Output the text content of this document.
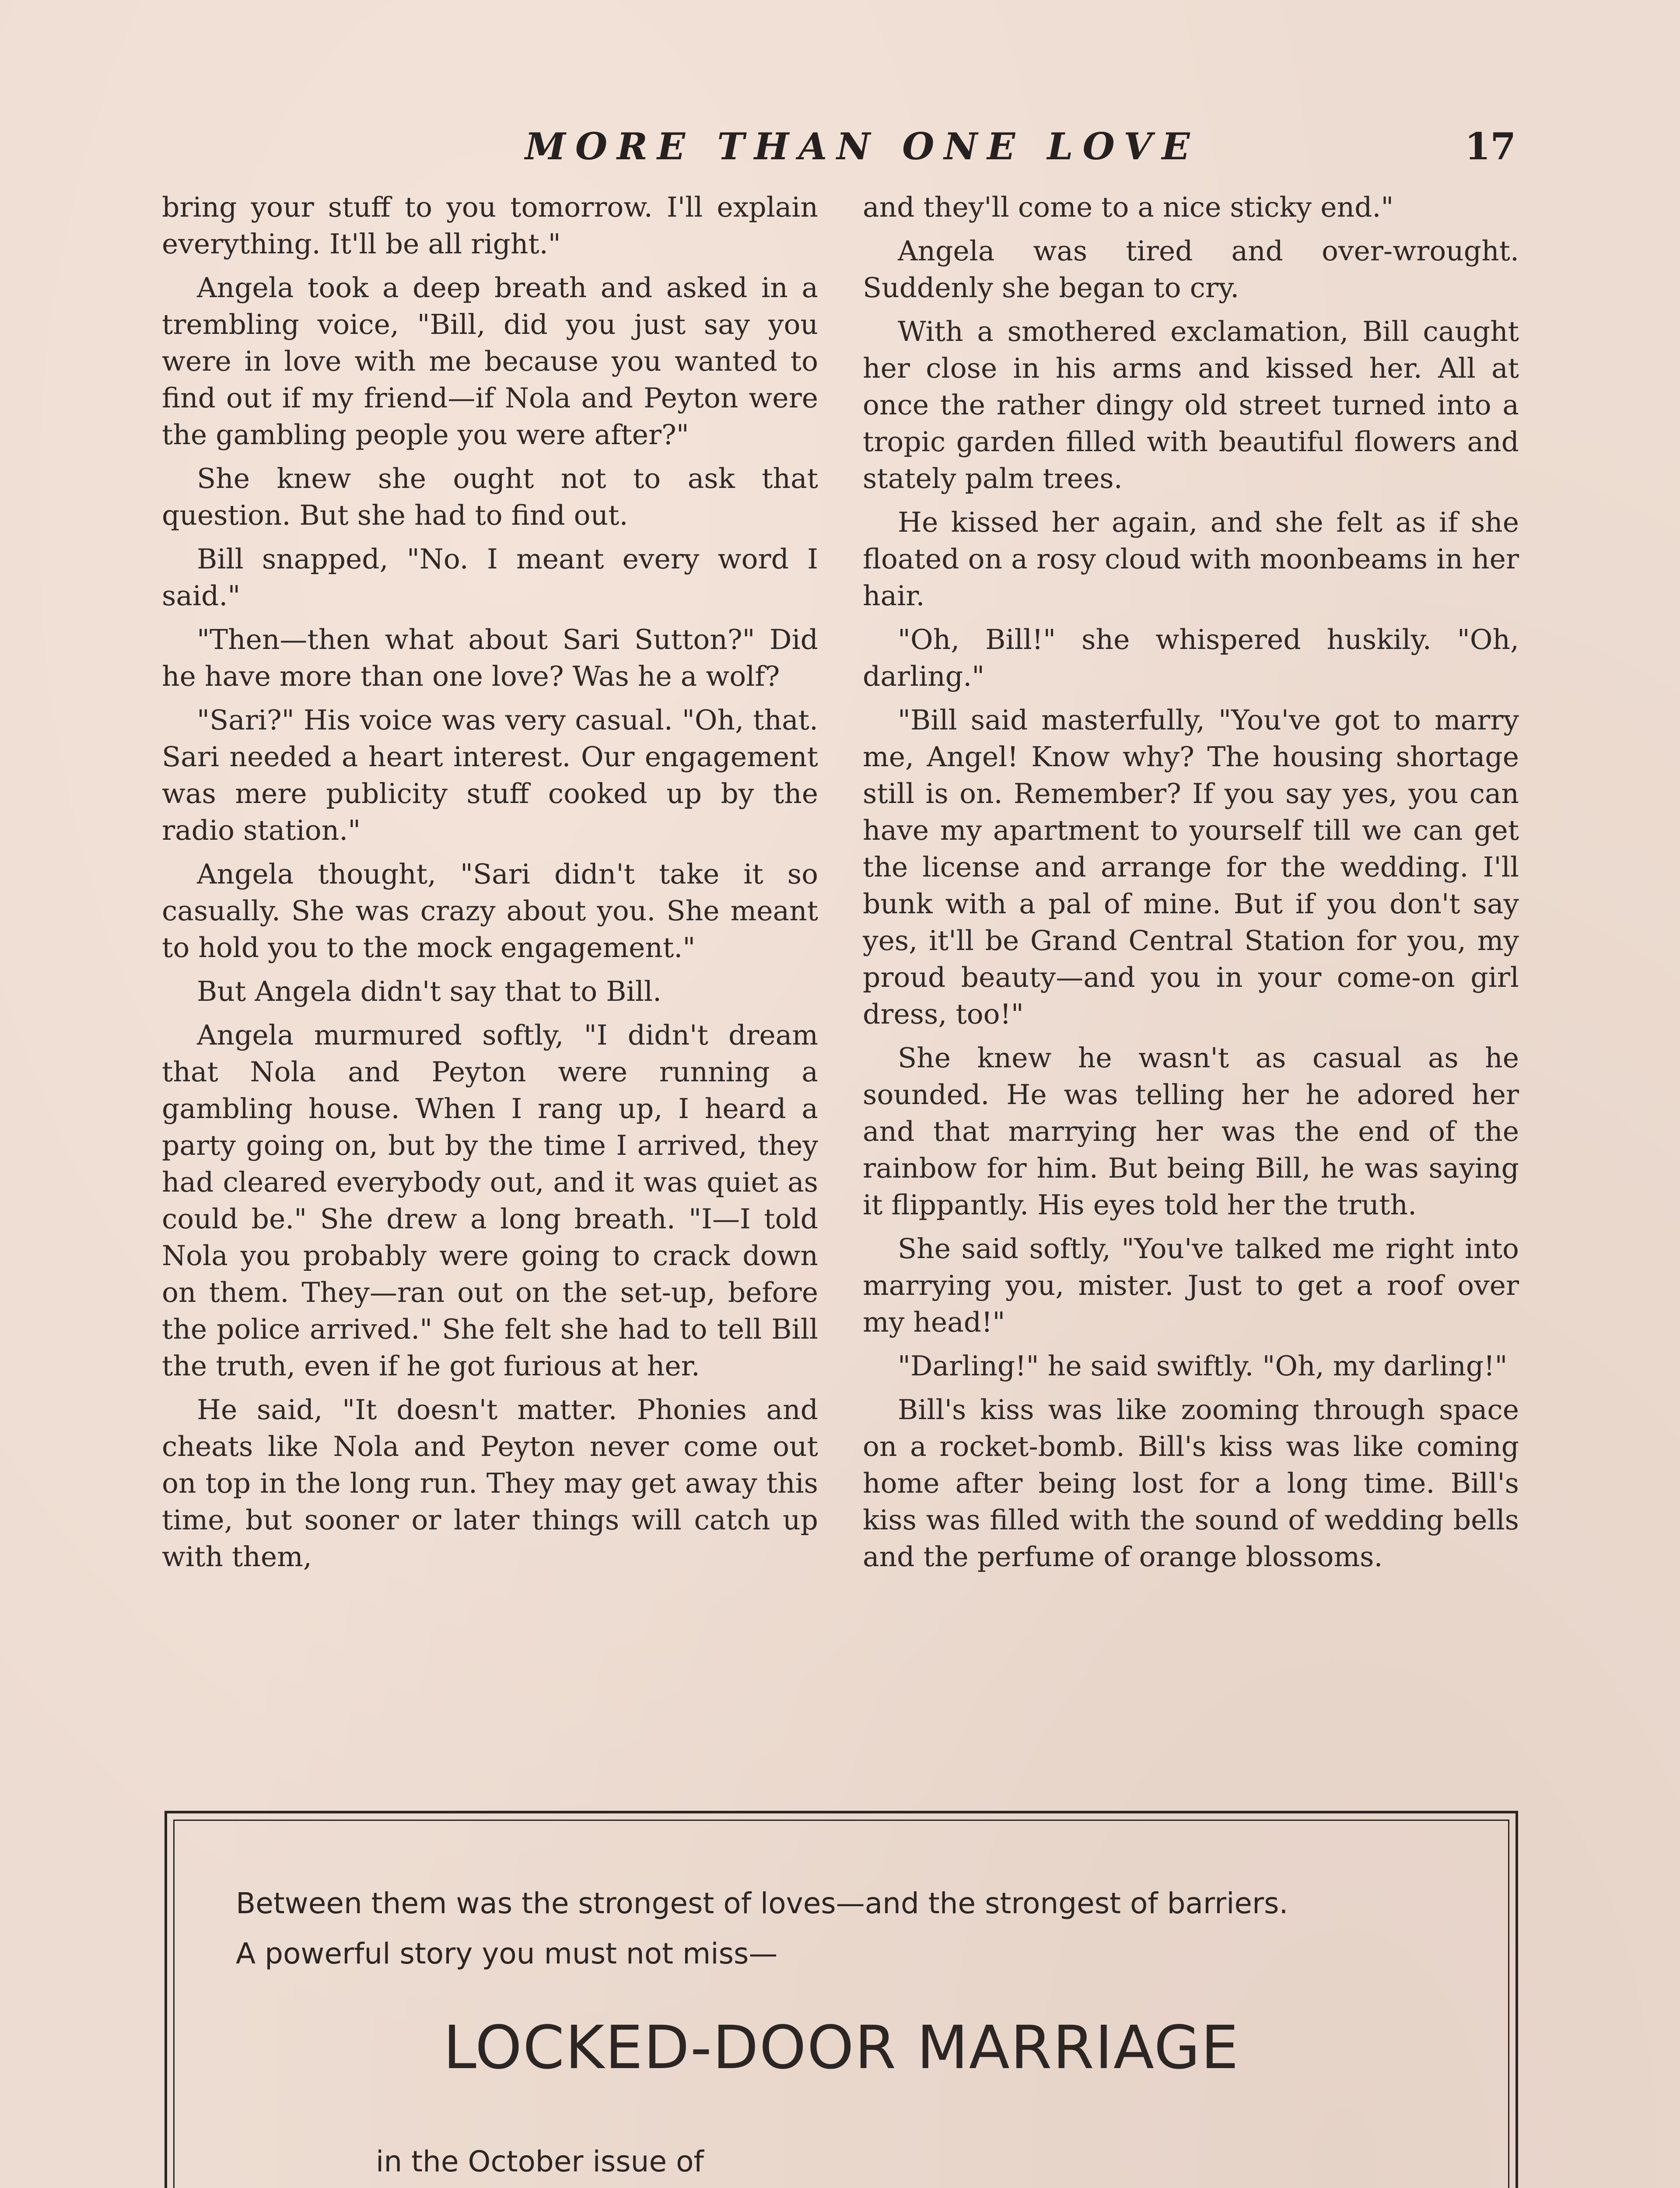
MORE THAN ONE LOVE	17

bring your stuff to you tomorrow. I'll explain everything. It'll be all right."

Angela took a deep breath and asked in a trembling voice, "Bill, did you just say you were in love with me because you wanted to find out if my friend—if Nola and Peyton were the gambling people you were after?"

She knew she ought not to ask that question. But she had to find out.

Bill snapped, "No. I meant every word I said."

"Then—then what about Sari Sutton?" Did he have more than one love? Was he a wolf?

"Sari?" His voice was very casual. "Oh, that. Sari needed a heart interest. Our engagement was mere publicity stuff cooked up by the radio station."

Angela thought, "Sari didn't take it so casually. She was crazy about you. She meant to hold you to the mock engagement."

But Angela didn't say that to Bill.

Angela murmured softly, "I didn't dream that Nola and Peyton were running a gambling house. When I rang up, I heard a party going on, but by the time I arrived, they had cleared everybody out, and it was quiet as could be." She drew a long breath. "I—I told Nola you probably were going to crack down on them. They—ran out on the set-up, before the police arrived." She felt she had to tell Bill the truth, even if he got furious at her.

He said, "It doesn't matter. Phonies and cheats like Nola and Peyton never come out on top in the long run. They may get away this time, but sooner or later things will catch up with them,

and they'll come to a nice sticky end."

Angela was tired and over-wrought. Suddenly she began to cry.

With a smothered exclamation, Bill caught her close in his arms and kissed her. All at once the rather dingy old street turned into a tropic garden filled with beautiful flowers and stately palm trees.

He kissed her again, and she felt as if she floated on a rosy cloud with moonbeams in her hair.

"Oh, Bill!" she whispered huskily. "Oh, darling."

"Bill said masterfully, "You've got to marry me, Angel! Know why? The housing shortage still is on. Remember? If you say yes, you can have my apartment to yourself till we can get the license and arrange for the wedding. I'll bunk with a pal of mine. But if you don't say yes, it'll be Grand Central Station for you, my proud beauty—and you in your come-on girl dress, too!"

She knew he wasn't as casual as he sounded. He was telling her he adored her and that marrying her was the end of the rainbow for him. But being Bill, he was saying it flippantly. His eyes told her the truth.

She said softly, "You've talked me right into marrying you, mister. Just to get a roof over my head!"

"Darling!" he said swiftly. "Oh, my darling!"

Bill's kiss was like zooming through space on a rocket-bomb. Bill's kiss was like coming home after being lost for a long time. Bill's kiss was filled with the sound of wedding bells and the perfume of orange blossoms.

Between them was the strongest of loves—and the strongest of barriers.
A powerful story you must not miss—
LOCKED-DOOR MARRIAGE
in the October issue of
